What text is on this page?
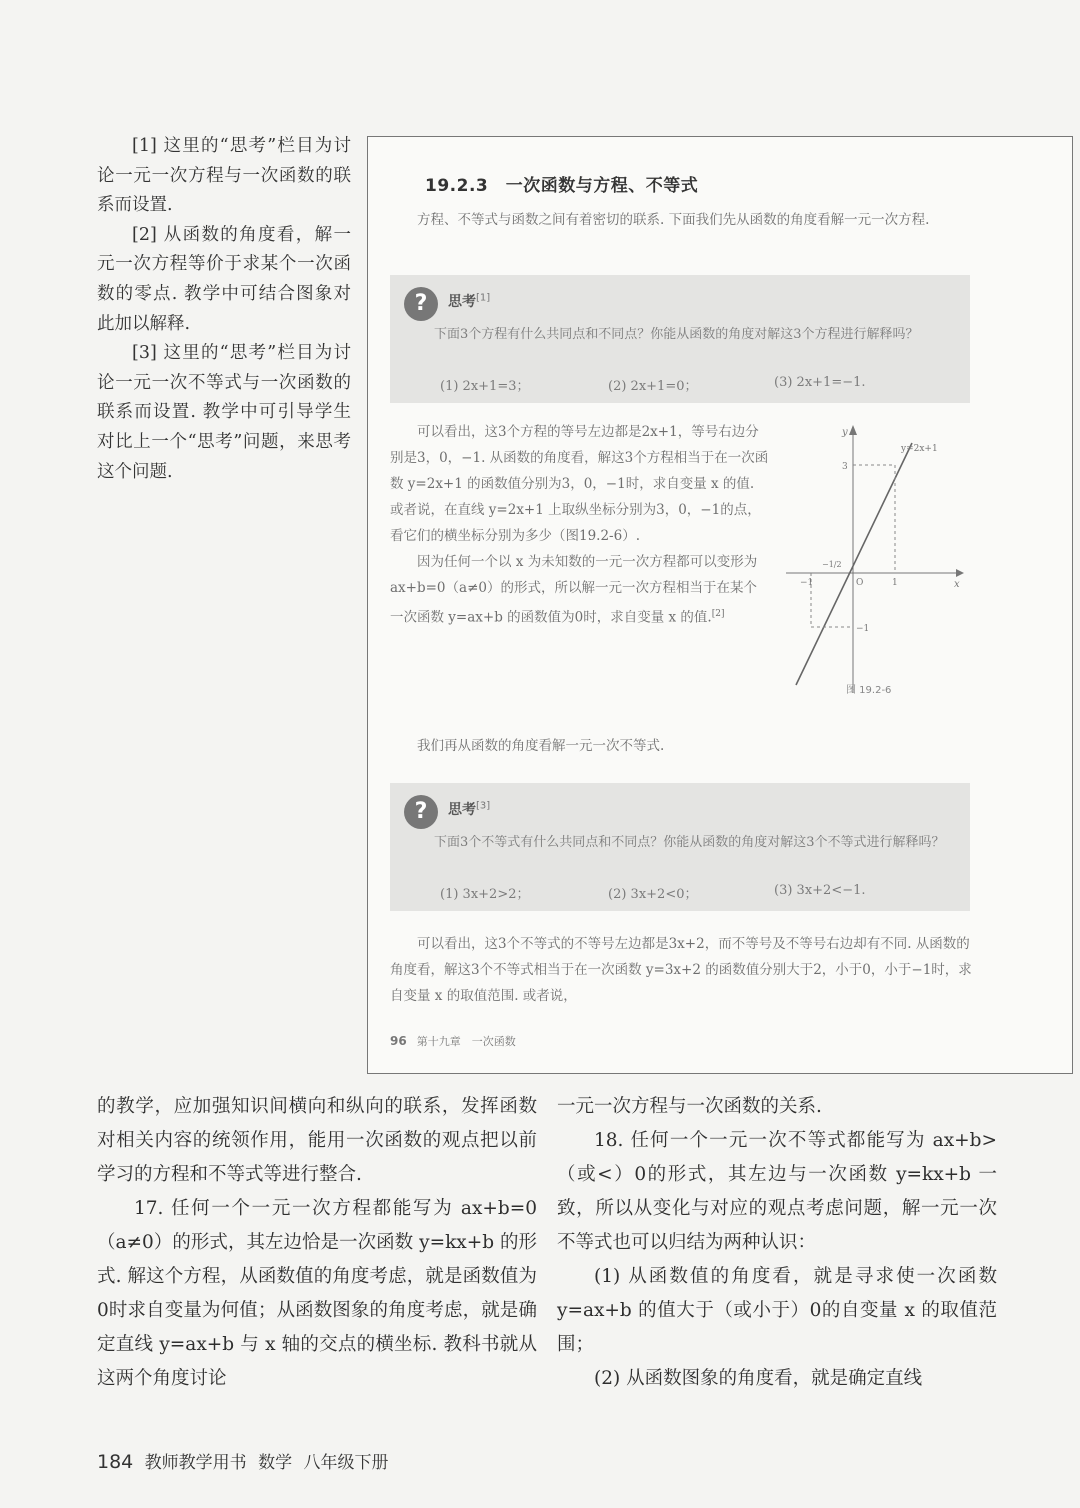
[1] 这里的“思考”栏目为讨论一元一次方程与一次函数的联系而设置.

[2] 从函数的角度看，解一元一次方程等价于求某个一次函数的零点. 教学中可结合图象对此加以解释.

[3] 这里的“思考”栏目为讨论一元一次不等式与一次函数的联系而设置. 教学中可引导学生对比上一个“思考”问题，来思考这个问题.

19.2.3　一次函数与方程、不等式

方程、不等式与函数之间有着密切的联系. 下面我们先从函数的角度看解一元一次方程.

?	思考[1]

下面3个方程有什么共同点和不同点？你能从函数的角度对解这3个方程进行解释吗？

(1) 2x+1=3；	(2) 2x+1=0；	(3) 2x+1=−1.

可以看出，这3个方程的等号左边都是2x+1，等号右边分别是3，0，−1. 从函数的角度看，解这3个方程相当于在一次函数 y=2x+1 的函数值分别为3，0，−1时，求自变量 x 的值. 或者说，在直线 y=2x+1 上取纵坐标分别为3，0，−1的点，看它们的横坐标分别为多少（图19.2-6）.

因为任何一个以 x 为未知数的一元一次方程都可以变形为 ax+b=0（a≠0）的形式，所以解一元一次方程相当于在某个一次函数 y=ax+b 的函数值为0时，求自变量 x 的值.[2]

y
x
y=2x+1
3
−1
−1	1
O
−1/2
图 19.2-6

我们再从函数的角度看解一元一次不等式.

?	思考[3]

下面3个不等式有什么共同点和不同点？你能从函数的角度对解这3个不等式进行解释吗？

(1) 3x+2>2；	(2) 3x+2<0；	(3) 3x+2<−1.

可以看出，这3个不等式的不等号左边都是3x+2，而不等号及不等号右边却有不同. 从函数的角度看，解这3个不等式相当于在一次函数 y=3x+2 的函数值分别大于2，小于0，小于−1时，求自变量 x 的取值范围. 或者说，

96 第十九章　一次函数

的教学，应加强知识间横向和纵向的联系，发挥函数对相关内容的统领作用，能用一次函数的观点把以前学习的方程和不等式等进行整合.

17. 任何一个一元一次方程都能写为 ax+b=0（a≠0）的形式，其左边恰是一次函数 y=kx+b 的形式. 解这个方程，从函数值的角度考虑，就是函数值为0时求自变量为何值；从函数图象的角度考虑，就是确定直线 y=ax+b 与 x 轴的交点的横坐标. 教科书就从这两个角度讨论

一元一次方程与一次函数的关系.

18. 任何一个一元一次不等式都能写为 ax+b>（或<）0的形式，其左边与一次函数 y=kx+b 一致，所以从变化与对应的观点考虑问题，解一元一次不等式也可以归结为两种认识：

(1) 从函数值的角度看，就是寻求使一次函数 y=ax+b 的值大于（或小于）0的自变量 x 的取值范围；

(2) 从函数图象的角度看，就是确定直线

184 教师教学用书 数学 八年级下册
